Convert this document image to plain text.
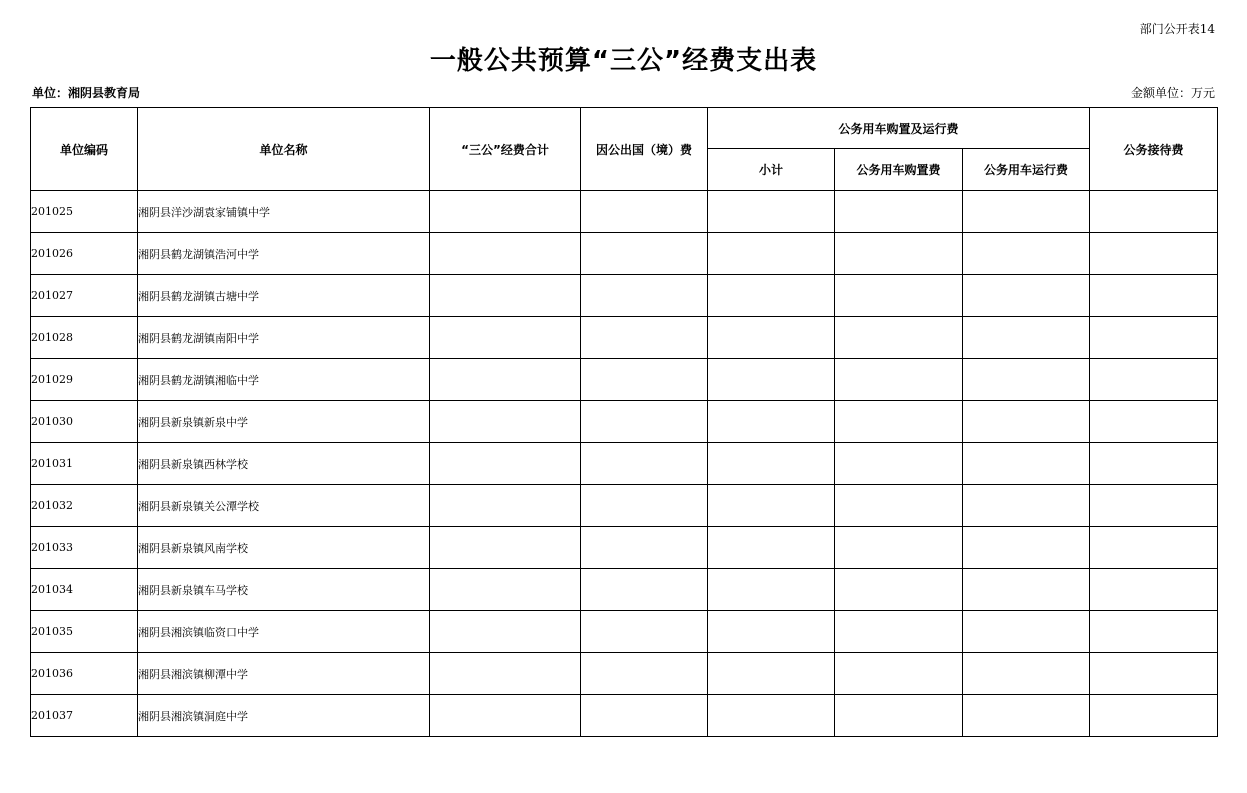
部门公开表14
一般公共预算“三公”经费支出表
单位：湘阴县教育局	金额单位：万元
单位编码	单位名称	“三公”经费合计	因公出国（境）费	公务用车购置及运行费			公务接待费
				小计	公务用车购置费	公务用车运行费	
201025	湘阴县洋沙湖袁家铺镇中学						
201026	湘阴县鹤龙湖镇浩河中学						
201027	湘阴县鹤龙湖镇古塘中学						
201028	湘阴县鹤龙湖镇南阳中学						
201029	湘阴县鹤龙湖镇湘临中学						
201030	湘阴县新泉镇新泉中学						
201031	湘阴县新泉镇西林学校						
201032	湘阴县新泉镇关公潭学校						
201033	湘阴县新泉镇风南学校						
201034	湘阴县新泉镇车马学校						
201035	湘阴县湘滨镇临资口中学						
201036	湘阴县湘滨镇柳潭中学						
201037	湘阴县湘滨镇洞庭中学						
